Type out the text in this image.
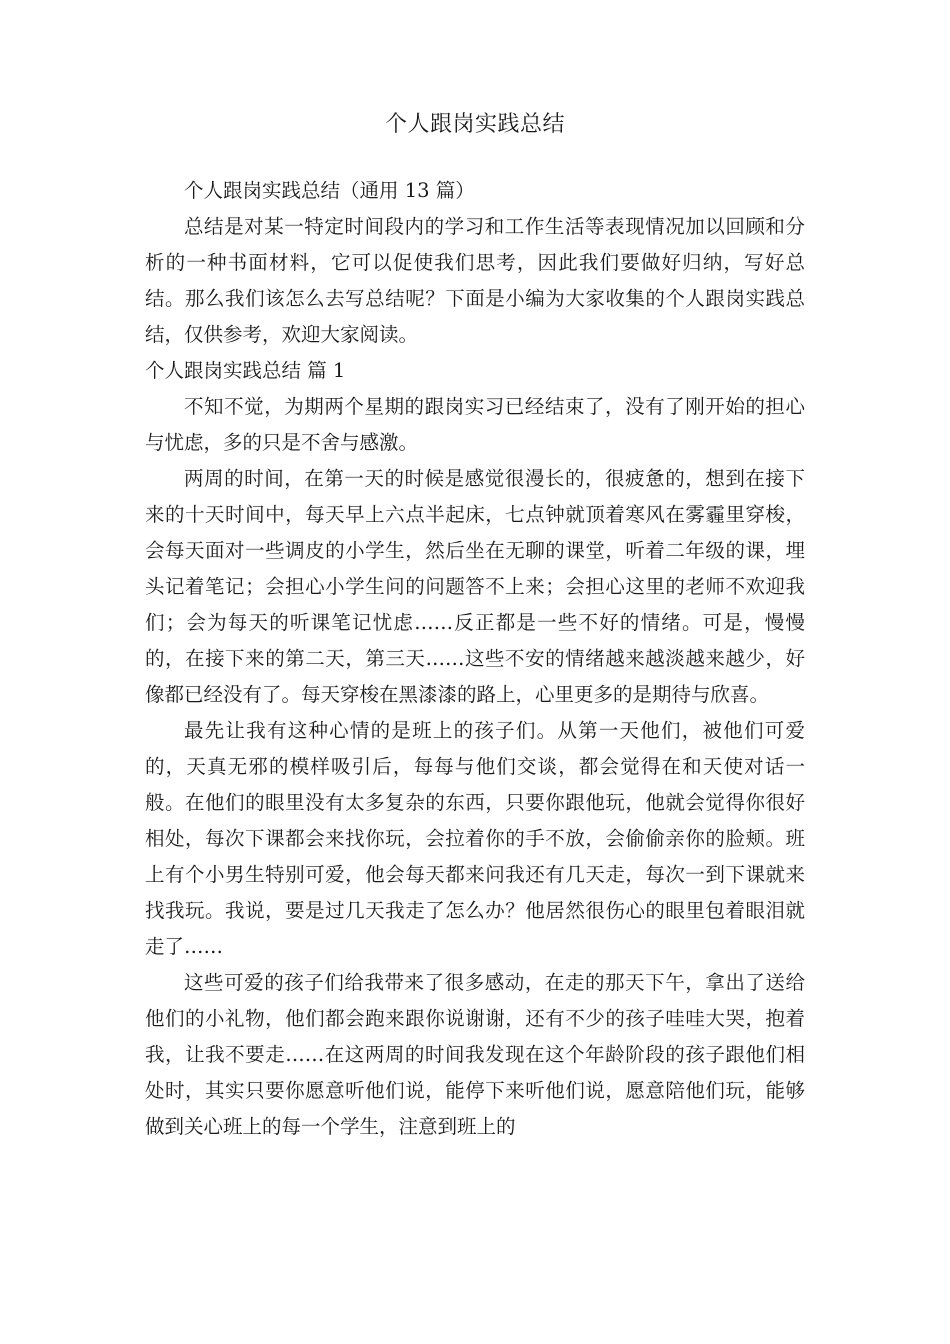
个人跟岗实践总结

个人跟岗实践总结（通用 13 篇）

总结是对某一特定时间段内的学习和工作生活等表现情况加以回顾和分析的一种书面材料，它可以促使我们思考，因此我们要做好归纳，写好总结。那么我们该怎么去写总结呢？下面是小编为大家收集的个人跟岗实践总结，仅供参考，欢迎大家阅读。

个人跟岗实践总结 篇 1

不知不觉，为期两个星期的跟岗实习已经结束了，没有了刚开始的担心与忧虑，多的只是不舍与感激。

两周的时间，在第一天的时候是感觉很漫长的，很疲惫的，想到在接下来的十天时间中，每天早上六点半起床，七点钟就顶着寒风在雾霾里穿梭，会每天面对一些调皮的小学生，然后坐在无聊的课堂，听着二年级的课，埋头记着笔记；会担心小学生问的问题答不上来；会担心这里的老师不欢迎我们；会为每天的听课笔记忧虑……反正都是一些不好的情绪。可是，慢慢的，在接下来的第二天，第三天……这些不安的情绪越来越淡越来越少，好像都已经没有了。每天穿梭在黑漆漆的路上，心里更多的是期待与欣喜。

最先让我有这种心情的是班上的孩子们。从第一天他们，被他们可爱的，天真无邪的模样吸引后，每每与他们交谈，都会觉得在和天使对话一般。在他们的眼里没有太多复杂的东西，只要你跟他玩，他就会觉得你很好相处，每次下课都会来找你玩，会拉着你的手不放，会偷偷亲你的脸颊。班上有个小男生特别可爱，他会每天都来问我还有几天走，每次一到下课就来找我玩。我说，要是过几天我走了怎么办？他居然很伤心的眼里包着眼泪就走了……

这些可爱的孩子们给我带来了很多感动，在走的那天下午，拿出了送给他们的小礼物，他们都会跑来跟你说谢谢，还有不少的孩子哇哇大哭，抱着我，让我不要走……在这两周的时间我发现在这个年龄阶段的孩子跟他们相处时，其实只要你愿意听他们说，能停下来听他们说，愿意陪他们玩，能够做到关心班上的每一个学生，注意到班上的
